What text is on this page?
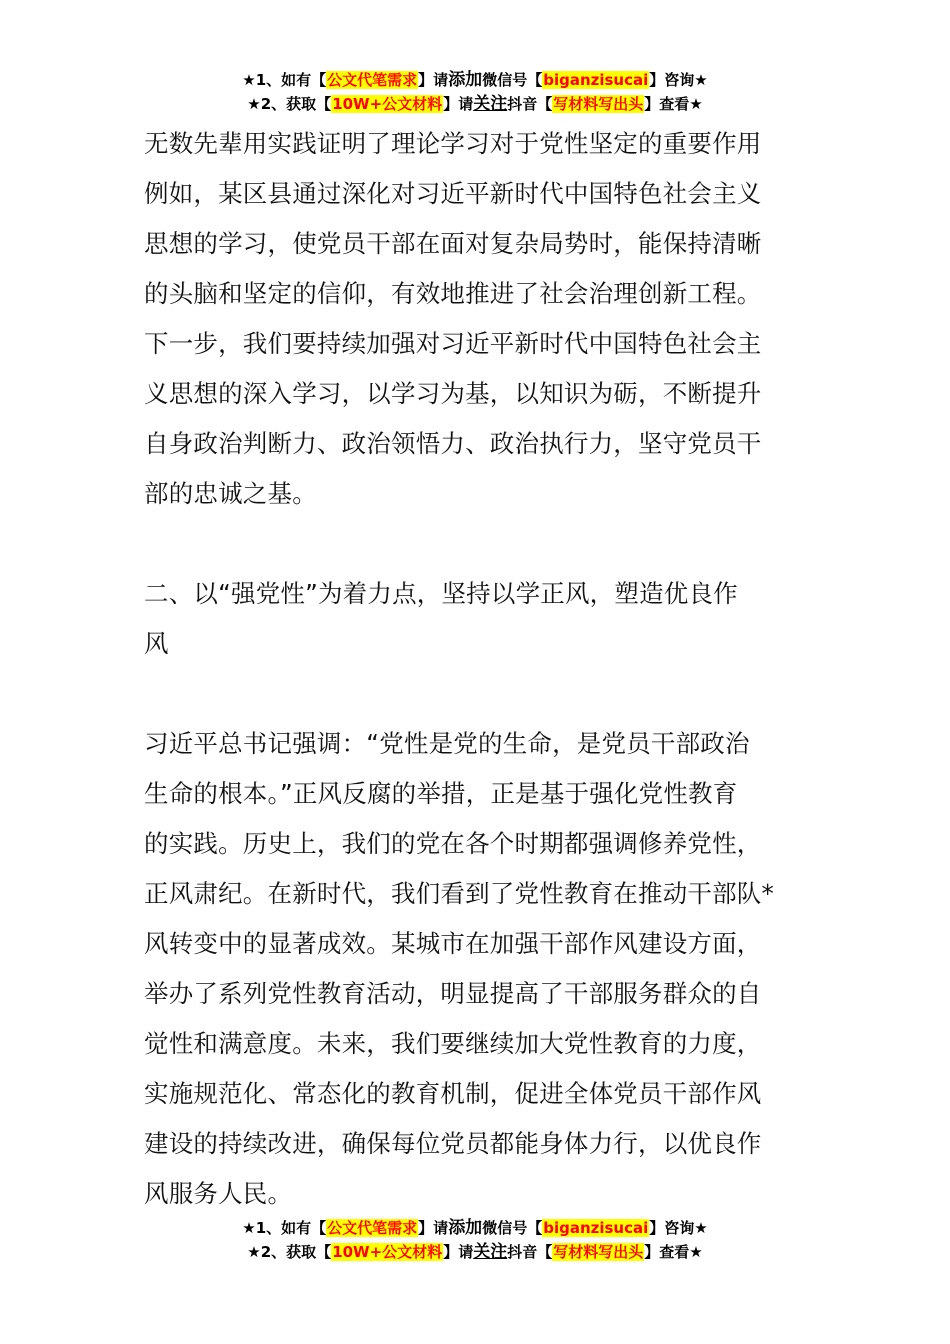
★1、如有【公文代笔需求】请添加微信号【biganzisucai】咨询★
★2、获取【10W+公文材料】请关注抖音【写材料写出头】查看★
无数先辈用实践证明了理论学习对于党性坚定的重要作用
例如，某区县通过深化对习近平新时代中国特色社会主义
思想的学习，使党员干部在面对复杂局势时，能保持清晰
的头脑和坚定的信仰，有效地推进了社会治理创新工程。
下一步，我们要持续加强对习近平新时代中国特色社会主
义思想的深入学习，以学习为基，以知识为砺，不断提升
自身政治判断力、政治领悟力、政治执行力，坚守党员干
部的忠诚之基。
二、以“强党性”为着力点，坚持以学正风，塑造优良作
风
习近平总书记强调：“党性是党的生命，是党员干部政治
生命的根本。”正风反腐的举措，正是基于强化党性教育
的实践。历史上，我们的党在各个时期都强调修养党性，
正风肃纪。在新时代，我们看到了党性教育在推动干部队*
风转变中的显著成效。某城市在加强干部作风建设方面，
举办了系列党性教育活动，明显提高了干部服务群众的自
觉性和满意度。未来，我们要继续加大党性教育的力度，
实施规范化、常态化的教育机制，促进全体党员干部作风
建设的持续改进，确保每位党员都能身体力行，以优良作
风服务人民。
★1、如有【公文代笔需求】请添加微信号【biganzisucai】咨询★
★2、获取【10W+公文材料】请关注抖音【写材料写出头】查看★
